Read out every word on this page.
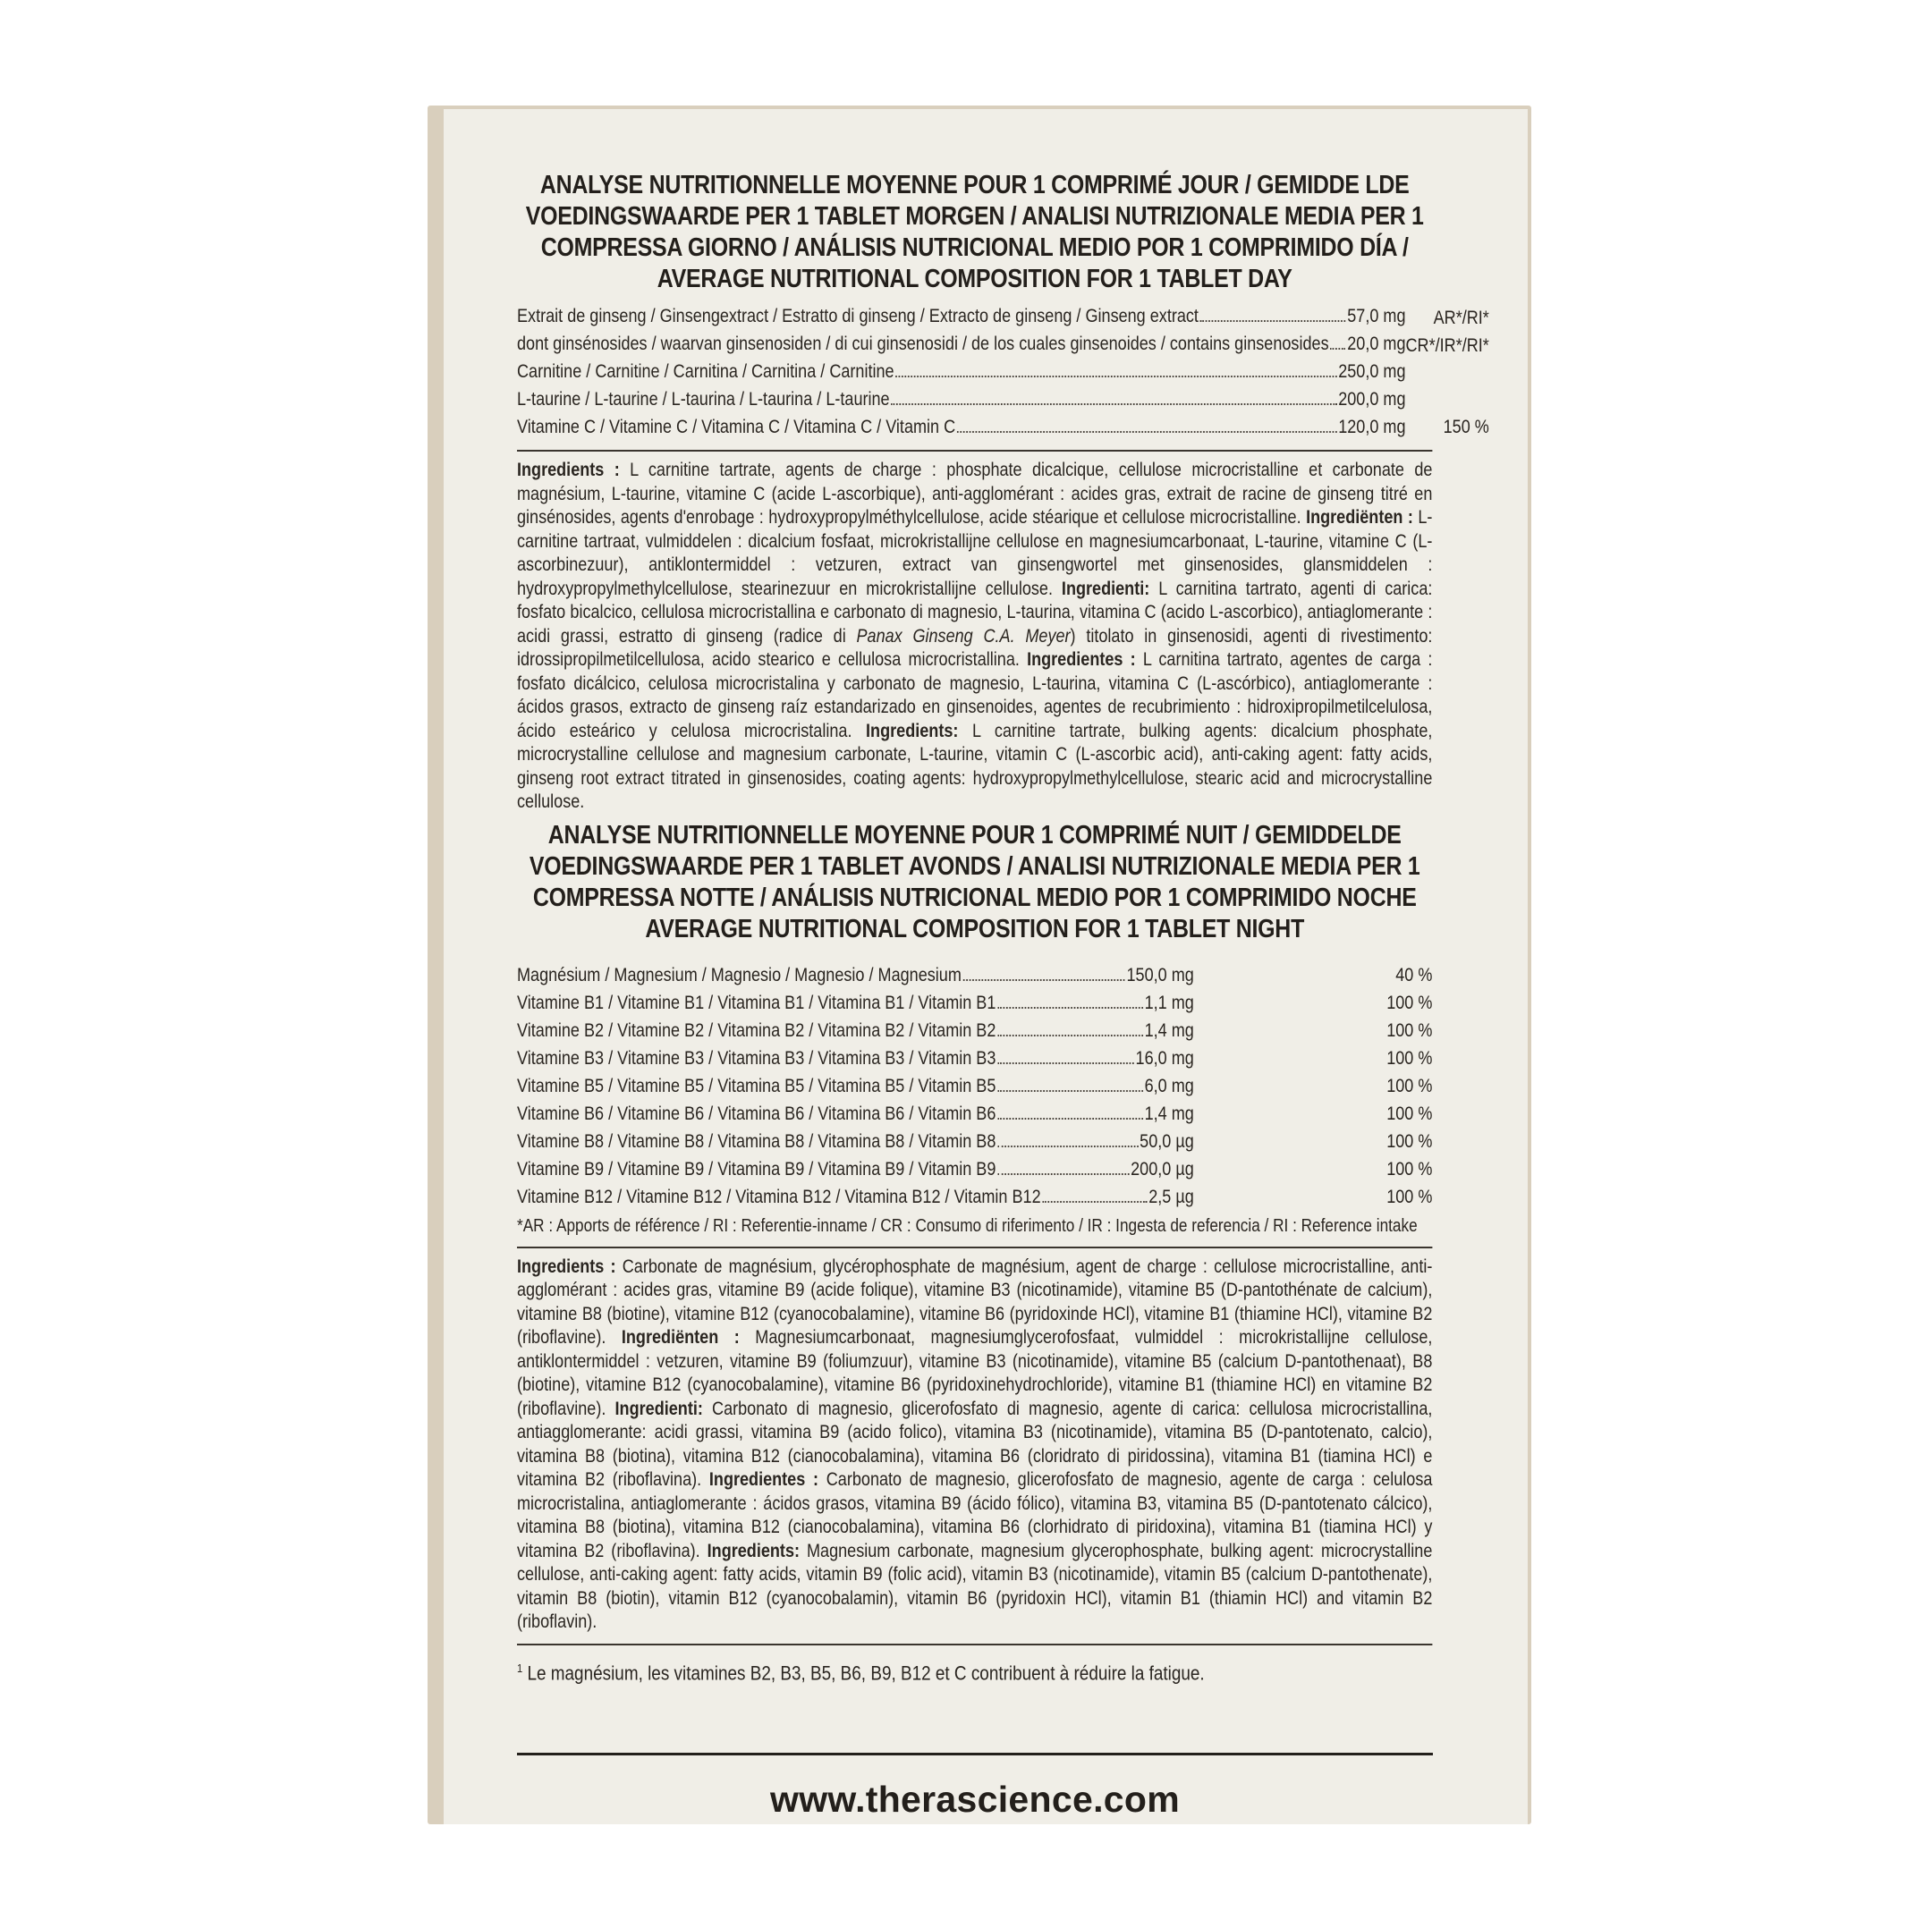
ANALYSE NUTRITIONNELLE MOYENNE POUR 1 COMPRIMÉ JOUR / GEMIDDE LDE VOEDINGSWAARDE PER 1 TABLET MORGEN / ANALISI NUTRIZIONALE MEDIA PER 1 COMPRESSA GIORNO / ANÁLISIS NUTRICIONAL MEDIO POR 1 COMPRIMIDO DÍA / AVERAGE NUTRITIONAL COMPOSITION FOR 1 TABLET DAY
Extrait de ginseng / Ginsengextract / Estratto di ginseng / Extracto de ginseng / Ginseng extract 57,0 mg	AR*/RI*

dont ginsénosides / waarvan ginsenosiden / di cui ginsenosidi / de los cuales ginsenoides / contains ginsenosides 20,0 mg	CR*/IR*/RI*

Carnitine / Carnitine / Carnitina / Carnitina / Carnitine 250,0 mg	

L-taurine / L-taurine / L-taurina / L-taurina / L-taurine 200,0 mg	

Vitamine C / Vitamine C / Vitamina C / Vitamina C / Vitamin C 120,0 mg	150 %

Ingredients : L carnitine tartrate, agents de charge : phosphate dicalcique, cellulose microcristalline et carbonate de magnésium, L-taurine, vitamine C (acide L-ascorbique), anti-agglomérant : acides gras, extrait de racine de ginseng titré en ginsénosides, agents d'enrobage : hydroxypropylméthylcellulose, acide stéarique et cellulose microcristalline. Ingrediënten : L-carnitine tartraat, vulmiddelen : dicalcium fosfaat, microkristallijne cellulose en magnesiumcarbonaat, L-taurine, vitamine C (L-ascorbinezuur), antiklontermiddel : vetzuren, extract van ginsengwortel met ginsenosides, glansmiddelen : hydroxypropylmethylcellulose, stearinezuur en microkristallijne cellulose. Ingredienti: L carnitina tartrato, agenti di carica: fosfato bicalcico, cellulosa microcristallina e carbonato di magnesio, L-taurina, vitamina C (acido L-ascorbico), antiaglomerante : acidi grassi, estratto di ginseng (radice di Panax Ginseng C.A. Meyer) titolato in ginsenosidi, agenti di rivestimento: idrossipropilmetilcellulosa, acido stearico e cellulosa microcristallina. Ingredientes : L carnitina tartrato, agentes de carga : fosfato dicálcico, celulosa microcristalina y carbonato de magnesio, L-taurina, vitamina C (L-ascórbico), antiaglomerante : ácidos grasos, extracto de ginseng raíz estandarizado en ginsenoides, agentes de recubrimiento : hidroxipropilmetilcelulosa, ácido esteárico y celulosa microcristalina. Ingredients: L carnitine tartrate, bulking agents: dicalcium phosphate, microcrystalline cellulose and magnesium carbonate, L-taurine, vitamin C (L-ascorbic acid), anti-caking agent: fatty acids, ginseng root extract titrated in ginsenosides, coating agents: hydroxypropylmethylcellulose, stearic acid and microcrystalline cellulose.

ANALYSE NUTRITIONNELLE MOYENNE POUR 1 COMPRIMÉ NUIT / GEMIDDELDE VOEDINGSWAARDE PER 1 TABLET AVONDS / ANALISI NUTRIZIONALE MEDIA PER 1 COMPRESSA NOTTE / ANÁLISIS NUTRICIONAL MEDIO POR 1 COMPRIMIDO NOCHE AVERAGE NUTRITIONAL COMPOSITION FOR 1 TABLET NIGHT
Magnésium / Magnesium / Magnesio / Magnesio / Magnesium 150,0 mg	40 %

Vitamine B1 / Vitamine B1 / Vitamina B1 / Vitamina B1 / Vitamin B1 1,1 mg	100 %

Vitamine B2 / Vitamine B2 / Vitamina B2 / Vitamina B2 / Vitamin B2 1,4 mg	100 %

Vitamine B3 / Vitamine B3 / Vitamina B3 / Vitamina B3 / Vitamin B3 16,0 mg	100 %

Vitamine B5 / Vitamine B5 / Vitamina B5 / Vitamina B5 / Vitamin B5 6,0 mg	100 %

Vitamine B6 / Vitamine B6 / Vitamina B6 / Vitamina B6 / Vitamin B6 1,4 mg	100 %

Vitamine B8 / Vitamine B8 / Vitamina B8 / Vitamina B8 / Vitamin B8 50,0 µg	100 %

Vitamine B9 / Vitamine B9 / Vitamina B9 / Vitamina B9 / Vitamin B9 200,0 µg	100 %

Vitamine B12 / Vitamine B12 / Vitamina B12 / Vitamina B12 / Vitamin B12 2,5 µg	100 %

*AR : Apports de référence / RI : Referentie-inname / CR : Consumo di riferimento / IR : Ingesta de referencia / RI : Reference intake

Ingredients : Carbonate de magnésium, glycérophosphate de magnésium, agent de charge : cellulose microcristalline, anti-agglomérant : acides gras, vitamine B9 (acide folique), vitamine B3 (nicotinamide), vitamine B5 (D-pantothénate de calcium), vitamine B8 (biotine), vitamine B12 (cyanocobalamine), vitamine B6 (pyridoxinde HCl), vitamine B1 (thiamine HCl), vitamine B2 (riboflavine). Ingrediënten : Magnesiumcarbonaat, magnesiumglycerofosfaat, vulmiddel : microkristallijne cellulose, antiklontermiddel : vetzuren, vitamine B9 (foliumzuur), vitamine B3 (nicotinamide), vitamine B5 (calcium D-pantothenaat), B8 (biotine), vitamine B12 (cyanocobalamine), vitamine B6 (pyridoxinehydrochloride), vitamine B1 (thiamine HCl) en vitamine B2 (riboflavine). Ingredienti: Carbonato di magnesio, glicerofosfato di magnesio, agente di carica: cellulosa microcristallina, antiagglomerante: acidi grassi, vitamina B9 (acido folico), vitamina B3 (nicotinamide), vitamina B5 (D-pantotenato, calcio), vitamina B8 (biotina), vitamina B12 (cianocobalamina), vitamina B6 (cloridrato di piridossina), vitamina B1 (tiamina HCl) e vitamina B2 (riboflavina). Ingredientes : Carbonato de magnesio, glicerofosfato de magnesio, agente de carga : celulosa microcristalina, antiaglomerante : ácidos grasos, vitamina B9 (ácido fólico), vitamina B3, vitamina B5 (D-pantotenato cálcico), vitamina B8 (biotina), vitamina B12 (cianocobalamina), vitamina B6 (clorhidrato di piridoxina), vitamina B1 (tiamina HCl) y vitamina B2 (riboflavina). Ingredients: Magnesium carbonate, magnesium glycerophosphate, bulking agent: microcrystalline cellulose, anti-caking agent: fatty acids, vitamin B9 (folic acid), vitamin B3 (nicotinamide), vitamin B5 (calcium D-pantothenate), vitamin B8 (biotin), vitamin B12 (cyanocobalamin), vitamin B6 (pyridoxin HCl), vitamin B1 (thiamin HCl) and vitamin B2 (riboflavin).

$^1$ Le magnésium, les vitamines B2, B3, B5, B6, B9, B12 et C contribuent à réduire la fatigue.

www.therascience.com
